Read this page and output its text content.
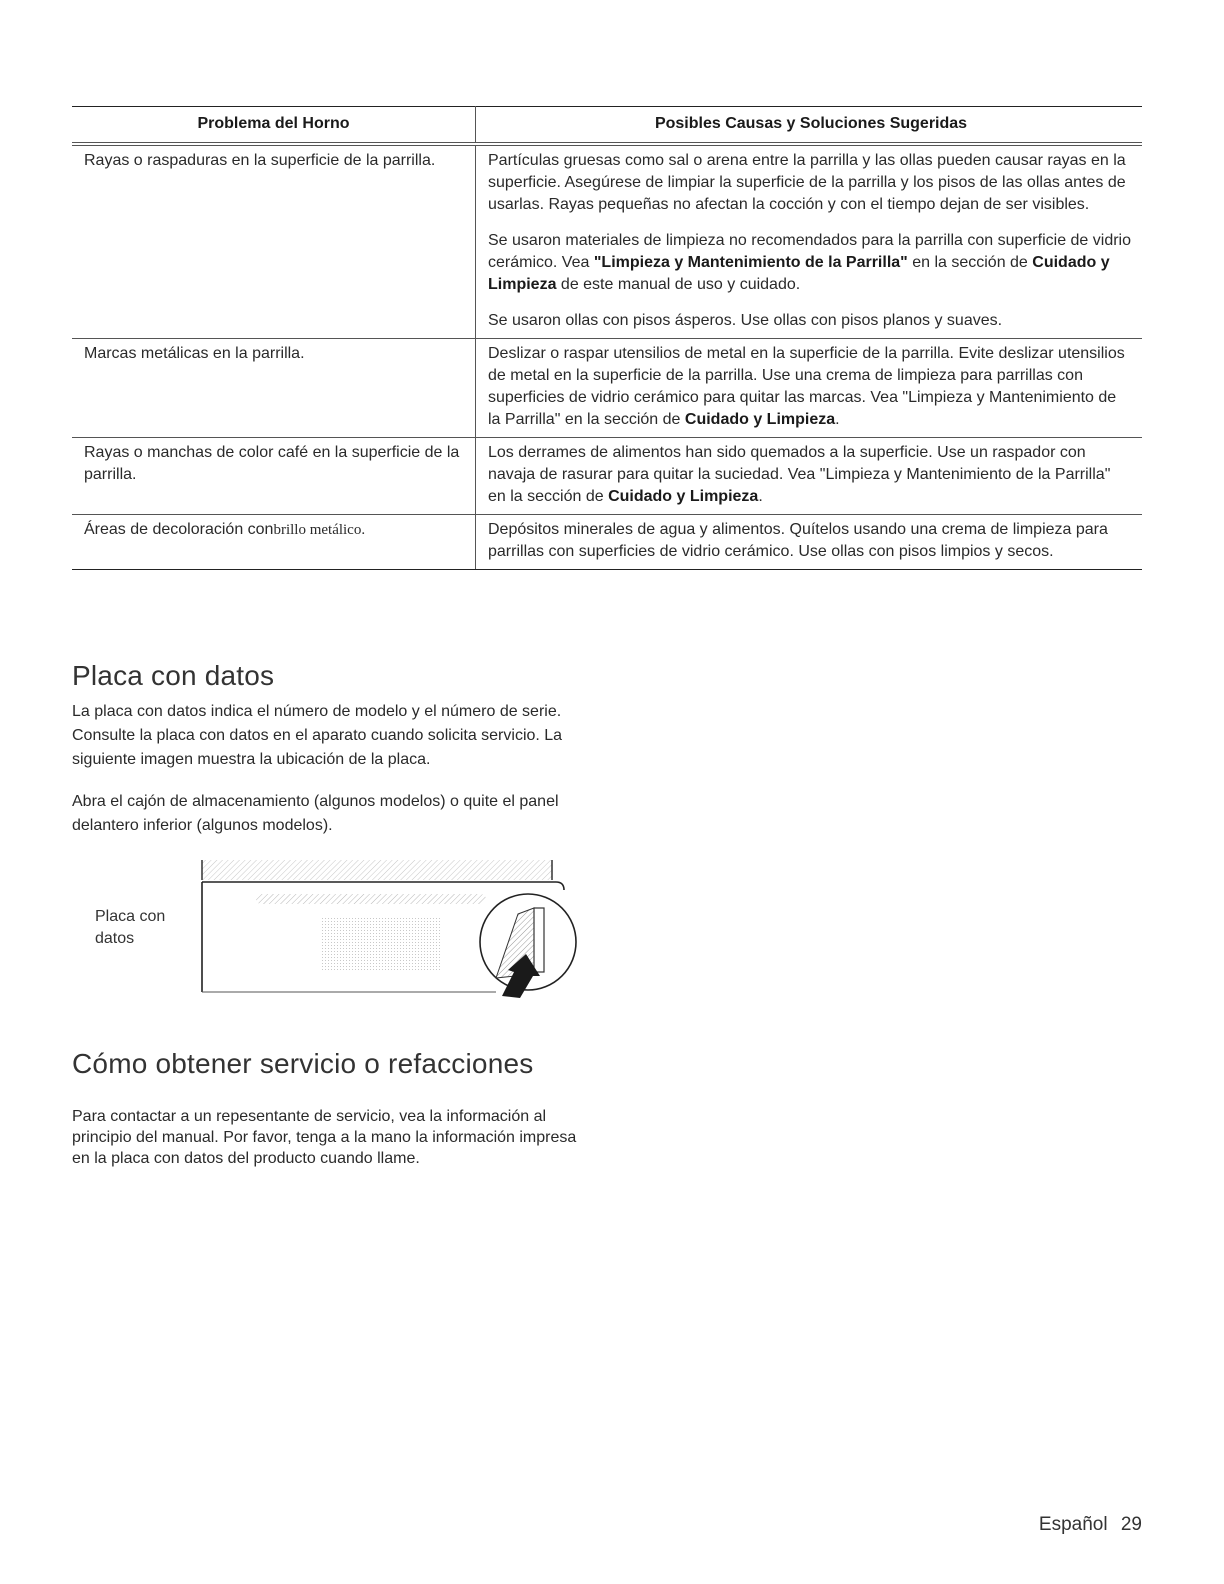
Problema del Horno	Posibles Causas y Soluciones Sugeridas
Rayas o raspaduras en la superficie de la parrilla.	Partículas gruesas como sal o arena entre la parrilla y las ollas pueden causar rayas en la superficie. Asegúrese de limpiar la superficie de la parrilla y los pisos de las ollas antes de usarlas. Rayas pequeñas no afectan la cocción y con el tiempo dejan de ser visibles.

Se usaron materiales de limpieza no recomendados para la parrilla con superficie de vidrio cerámico. Vea "Limpieza y Mantenimiento de la Parrilla" en la sección de Cuidado y Limpieza de este manual de uso y cuidado.

Se usaron ollas con pisos ásperos. Use ollas con pisos planos y suaves.

Marcas metálicas en la parrilla.	Deslizar o raspar utensilios de metal en la superficie de la parrilla. Evite deslizar utensilios de metal en la superficie de la parrilla. Use una crema de limpieza para parrillas con superficies de vidrio cerámico para quitar las marcas. Vea "Limpieza y Mantenimiento de la Parrilla" en la sección de Cuidado y Limpieza.
Rayas o manchas de color café en la superficie de la parrilla.	Los derrames de alimentos han sido quemados a la superficie. Use un raspador con navaja de rasurar para quitar la suciedad. Vea "Limpieza y Mantenimiento de la Parrilla" en la sección de Cuidado y Limpieza.
Áreas de decoloración conbrillo metálico.	Depósitos minerales de agua y alimentos. Quítelos usando una crema de limpieza para parrillas con superficies de vidrio cerámico. Use ollas con pisos limpios y secos.
Placa con datos

La placa con datos indica el número de modelo y el número de serie. Consulte la placa con datos en el aparato cuando solicita servicio. La siguiente imagen muestra la ubicación de la placa.

Abra el cajón de almacenamiento (algunos modelos) o quite el panel delantero inferior (algunos modelos).

Placa con
datos

Cómo obtener servicio o refacciones

Para contactar a un repesentante de servicio, vea la información al principio del manual. Por favor, tenga a la mano la información impresa en la placa con datos del producto cuando llame.

Español 29
